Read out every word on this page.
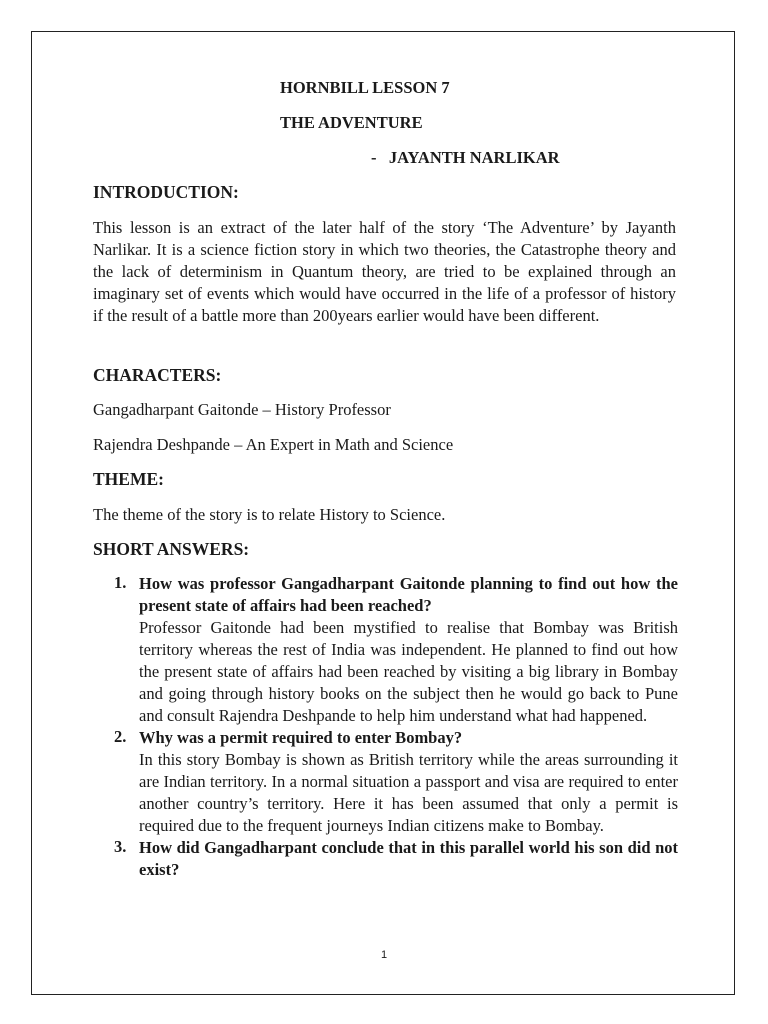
HORNBILL LESSON 7
THE ADVENTURE
-   JAYANTH NARLIKAR
INTRODUCTION:
This lesson is an extract of the later half of the story ‘The Adventure’ by Jayanth Narlikar. It is a science fiction story in which two theories, the Catastrophe theory and the lack of determinism in Quantum theory, are tried to be explained through an imaginary set of events which would have occurred in the life of a professor of history if the result of a battle more than 200years earlier would have been different.
CHARACTERS:
Gangadharpant Gaitonde – History Professor
Rajendra Deshpande – An Expert in Math and Science
THEME:
The theme of the story is to relate History to Science.
SHORT ANSWERS:
1. How was professor Gangadharpant Gaitonde planning to find out how the present state of affairs had been reached?
Professor Gaitonde had been mystified to realise that Bombay was British territory whereas the rest of India was independent. He planned to find out how the present state of affairs had been reached by visiting a big library in Bombay and going through history books on the subject then he would go back to Pune and consult Rajendra Deshpande to help him understand what had happened.
2. Why was a permit required to enter Bombay?
In this story Bombay is shown as British territory while the areas surrounding it are Indian territory. In a normal situation a passport and visa are required to enter another country’s territory. Here it has been assumed that only a permit is required due to the frequent journeys Indian citizens make to Bombay.
3. How did Gangadharpant conclude that in this parallel world his son did not exist?
1
